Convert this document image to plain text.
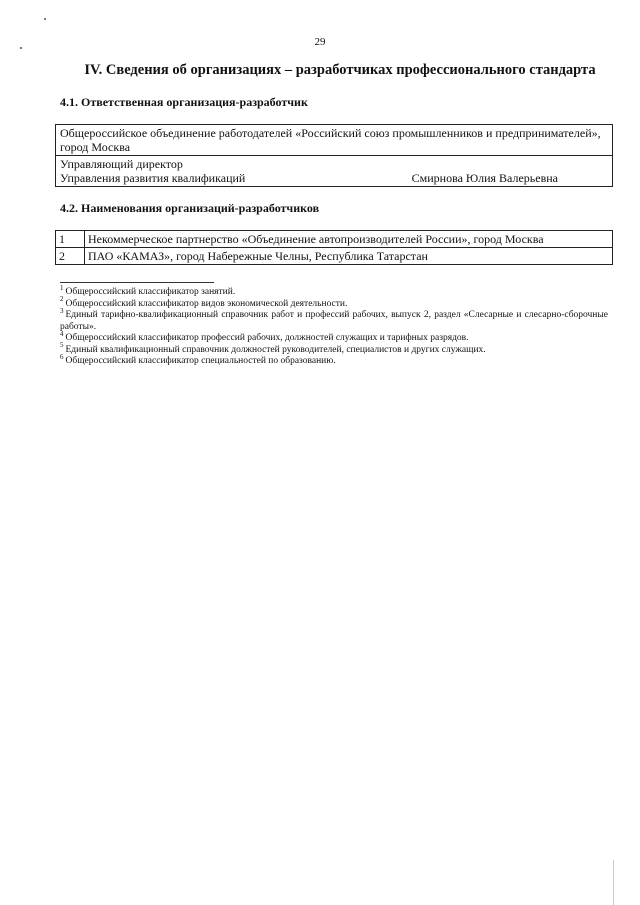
29
IV. Сведения об организациях – разработчиках профессионального стандарта
4.1. Ответственная организация-разработчик
Общероссийское объединение работодателей «Российский союз промышленников и предпринимателей», город Москва

Управляющий директор
Управления развития квалификаций	Смирнова Юлия Валерьевна
4.2. Наименования организаций-разработчиков
1	Некоммерческое партнерство «Объединение автопроизводителей России», город Москва
2	ПАО «КАМАЗ», город Набережные Челны, Республика Татарстан

$^1$ Общероссийский классификатор занятий.

$^2$ Общероссийский классификатор видов экономической деятельности.

$^3$ Единый тарифно-квалификационный справочник работ и профессий рабочих, выпуск 2, раздел «Слесарные и слесарно-сборочные работы».

$^4$ Общероссийский классификатор профессий рабочих, должностей служащих и тарифных разрядов.

$^5$ Единый квалификационный справочник должностей руководителей, специалистов и других служащих.

$^6$ Общероссийский классификатор специальностей по образованию.
